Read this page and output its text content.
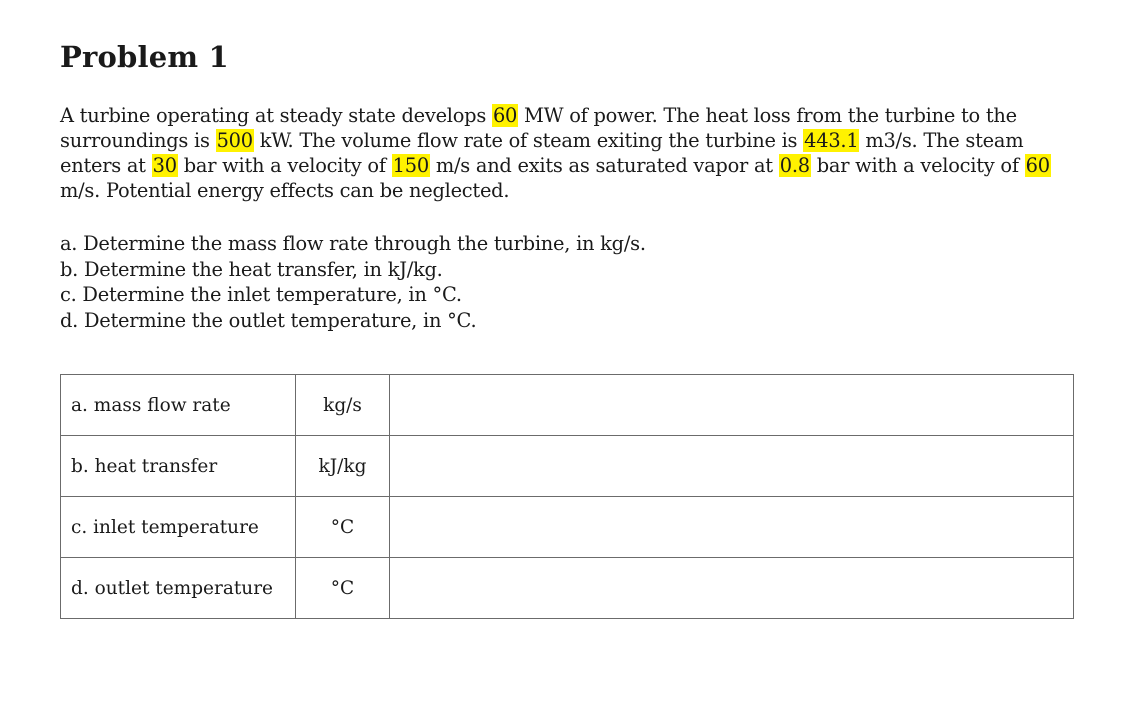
Problem 1

A turbine operating at steady state develops 60 MW of power. The heat loss from the turbine to the surroundings is 500 kW. The volume flow rate of steam exiting the turbine is 443.1 m3/s. The steam enters at 30 bar with a velocity of 150 m/s and exits as saturated vapor at 0.8 bar with a velocity of 60 m/s. Potential energy effects can be neglected.

a. Determine the mass flow rate through the turbine, in kg/s.
b. Determine the heat transfer, in kJ/kg.
c. Determine the inlet temperature, in °C.
d. Determine the outlet temperature, in °C.
a. mass flow rate	kg/s	
b. heat transfer	kJ/kg	
c. inlet temperature	°C	
d. outlet temperature	°C	
